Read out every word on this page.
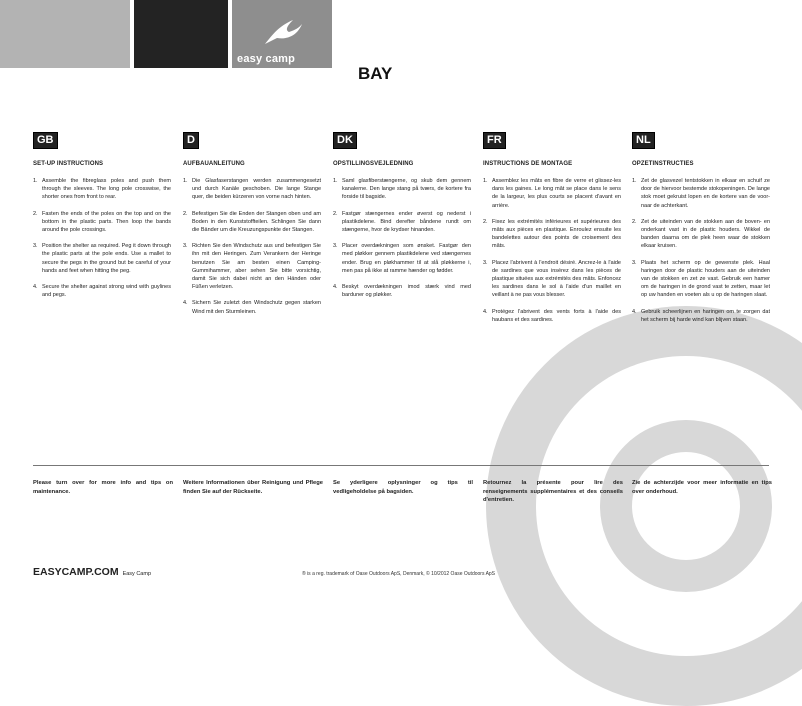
easy camp
BAY
GB
SET-UP INSTRUCTIONS
1. Assemble the fibreglass poles and push them through the sleeves. The long pole crosswise, the shorter ones from front to rear.
2. Fasten the ends of the poles on the top and on the bottom in the plastic parts. Then loop the bands around the pole crossings.
3. Position the shelter as required. Peg it down through the plastic parts at the pole ends. Use a mallet to secure the pegs in the ground but be careful of your hands and feet when hitting the peg.
4. Secure the shelter against strong wind with guylines and pegs.
D
AUFBAUANLEITUNG
1. Die Glasfaserstangen werden zusammengesetzt und durch Kanäle geschoben. Die lange Stange quer, die beiden kürzeren von vorne nach hinten.
2. Befestigen Sie die Enden der Stangen oben und am Boden in den Kunststoffteilen. Schlingen Sie dann die Bänder um die Kreuzungspunkte der Stangen.
3. Richten Sie den Windschutz aus und befestigen Sie ihn mit den Heringen. Zum Verankern der Heringe benutzen Sie am besten einen Camping-Gummihammer, aber sehen Sie bitte vorsichtig, damit Sie sich dabei nicht an den Händen oder Füßen verletzen.
4. Sichern Sie zuletzt den Windschutz gegen starken Wind mit den Sturmleinen.
DK
OPSTILLINGSVEJLEDNING
1. Saml glasfiberstængerne, og skub dem gennem kanalerne. Den lange stang på tværs, de kortere fra forside til bagside.
2. Fastgør stængernes ender øverst og nederst i plastikdelene. Bind derefter båndene rundt om stængerne, hvor de krydser hinanden.
3. Placer overdækningen som ønsket. Fastgør den med pløkker gennem plastikdelene ved stængernes ender. Brug en pløkhammer til at slå pløkkerne i, men pas på ikke at ramme hænder og fødder.
4. Beskyt overdækningen imod stærk vind med barduner og pløkker.
FR
INSTRUCTIONS DE MONTAGE
1. Assemblez les mâts en fibre de verre et glissez-les dans les gaines. Le long mât se place dans le sens de la largeur, les plus courts se placent d'avant en arrière.
2. Fixez les extrémités inférieures et supérieures des mâts aux pièces en plastique. Enroulez ensuite les bandelettes autour des points de croisement des mâts.
3. Placez l'abrivent à l'endroit désiré. Ancrez-le à l'aide de sardines que vous insérez dans les pièces de plastique situées aux extrémités des mâts. Enfoncez les sardines dans le sol à l'aide d'un maillet en veillant à ne pas vous blesser.
4. Protégez l'abrivent des vents forts à l'aide des haubans et des sardines.
NL
OPZETINSTRUCTIES
1. Zet de glasvezel tentstokken in elkaar en schuif ze door de hiervoor bestemde stokopeningen. De lange stok moet gekruist lopen en de kortere van de voor- naar de achterkant.
2. Zet de uiteinden van de stokken aan de boven- en onderkant vast in de plastic houders. Wikkel de banden daarna om de plek heen waar de stokken elkaar kruisen.
3. Plaats het scherm op de gewenste plek. Haal haringen door de plastic houders aan de uiteinden van de stokken en zet ze vast. Gebruik een hamer om de haringen in de grond vast te zetten, maar let op uw handen en voeten als u op de haringen slaat.
4. Gebruik scheerlijnen en haringen om te zorgen dat het scherm bij harde wind kan blijven staan.
Please turn over for more info and tips on maintenance.
Weitere Informationen über Reinigung und Pflege finden Sie auf der Rückseite.
Se yderligere oplysninger og tips til vedligeholdelse på bagsiden.
Retournez la présente pour lire des renseignements supplémentaires et des conseils d'entretien.
Zie de achterzijde voor meer informatie en tips over onderhoud.
EASYCAMP.COM Easy Camp	® is a reg. trademark of Oase Outdoors ApS, Denmark, © 10/2012 Oase Outdoors ApS
